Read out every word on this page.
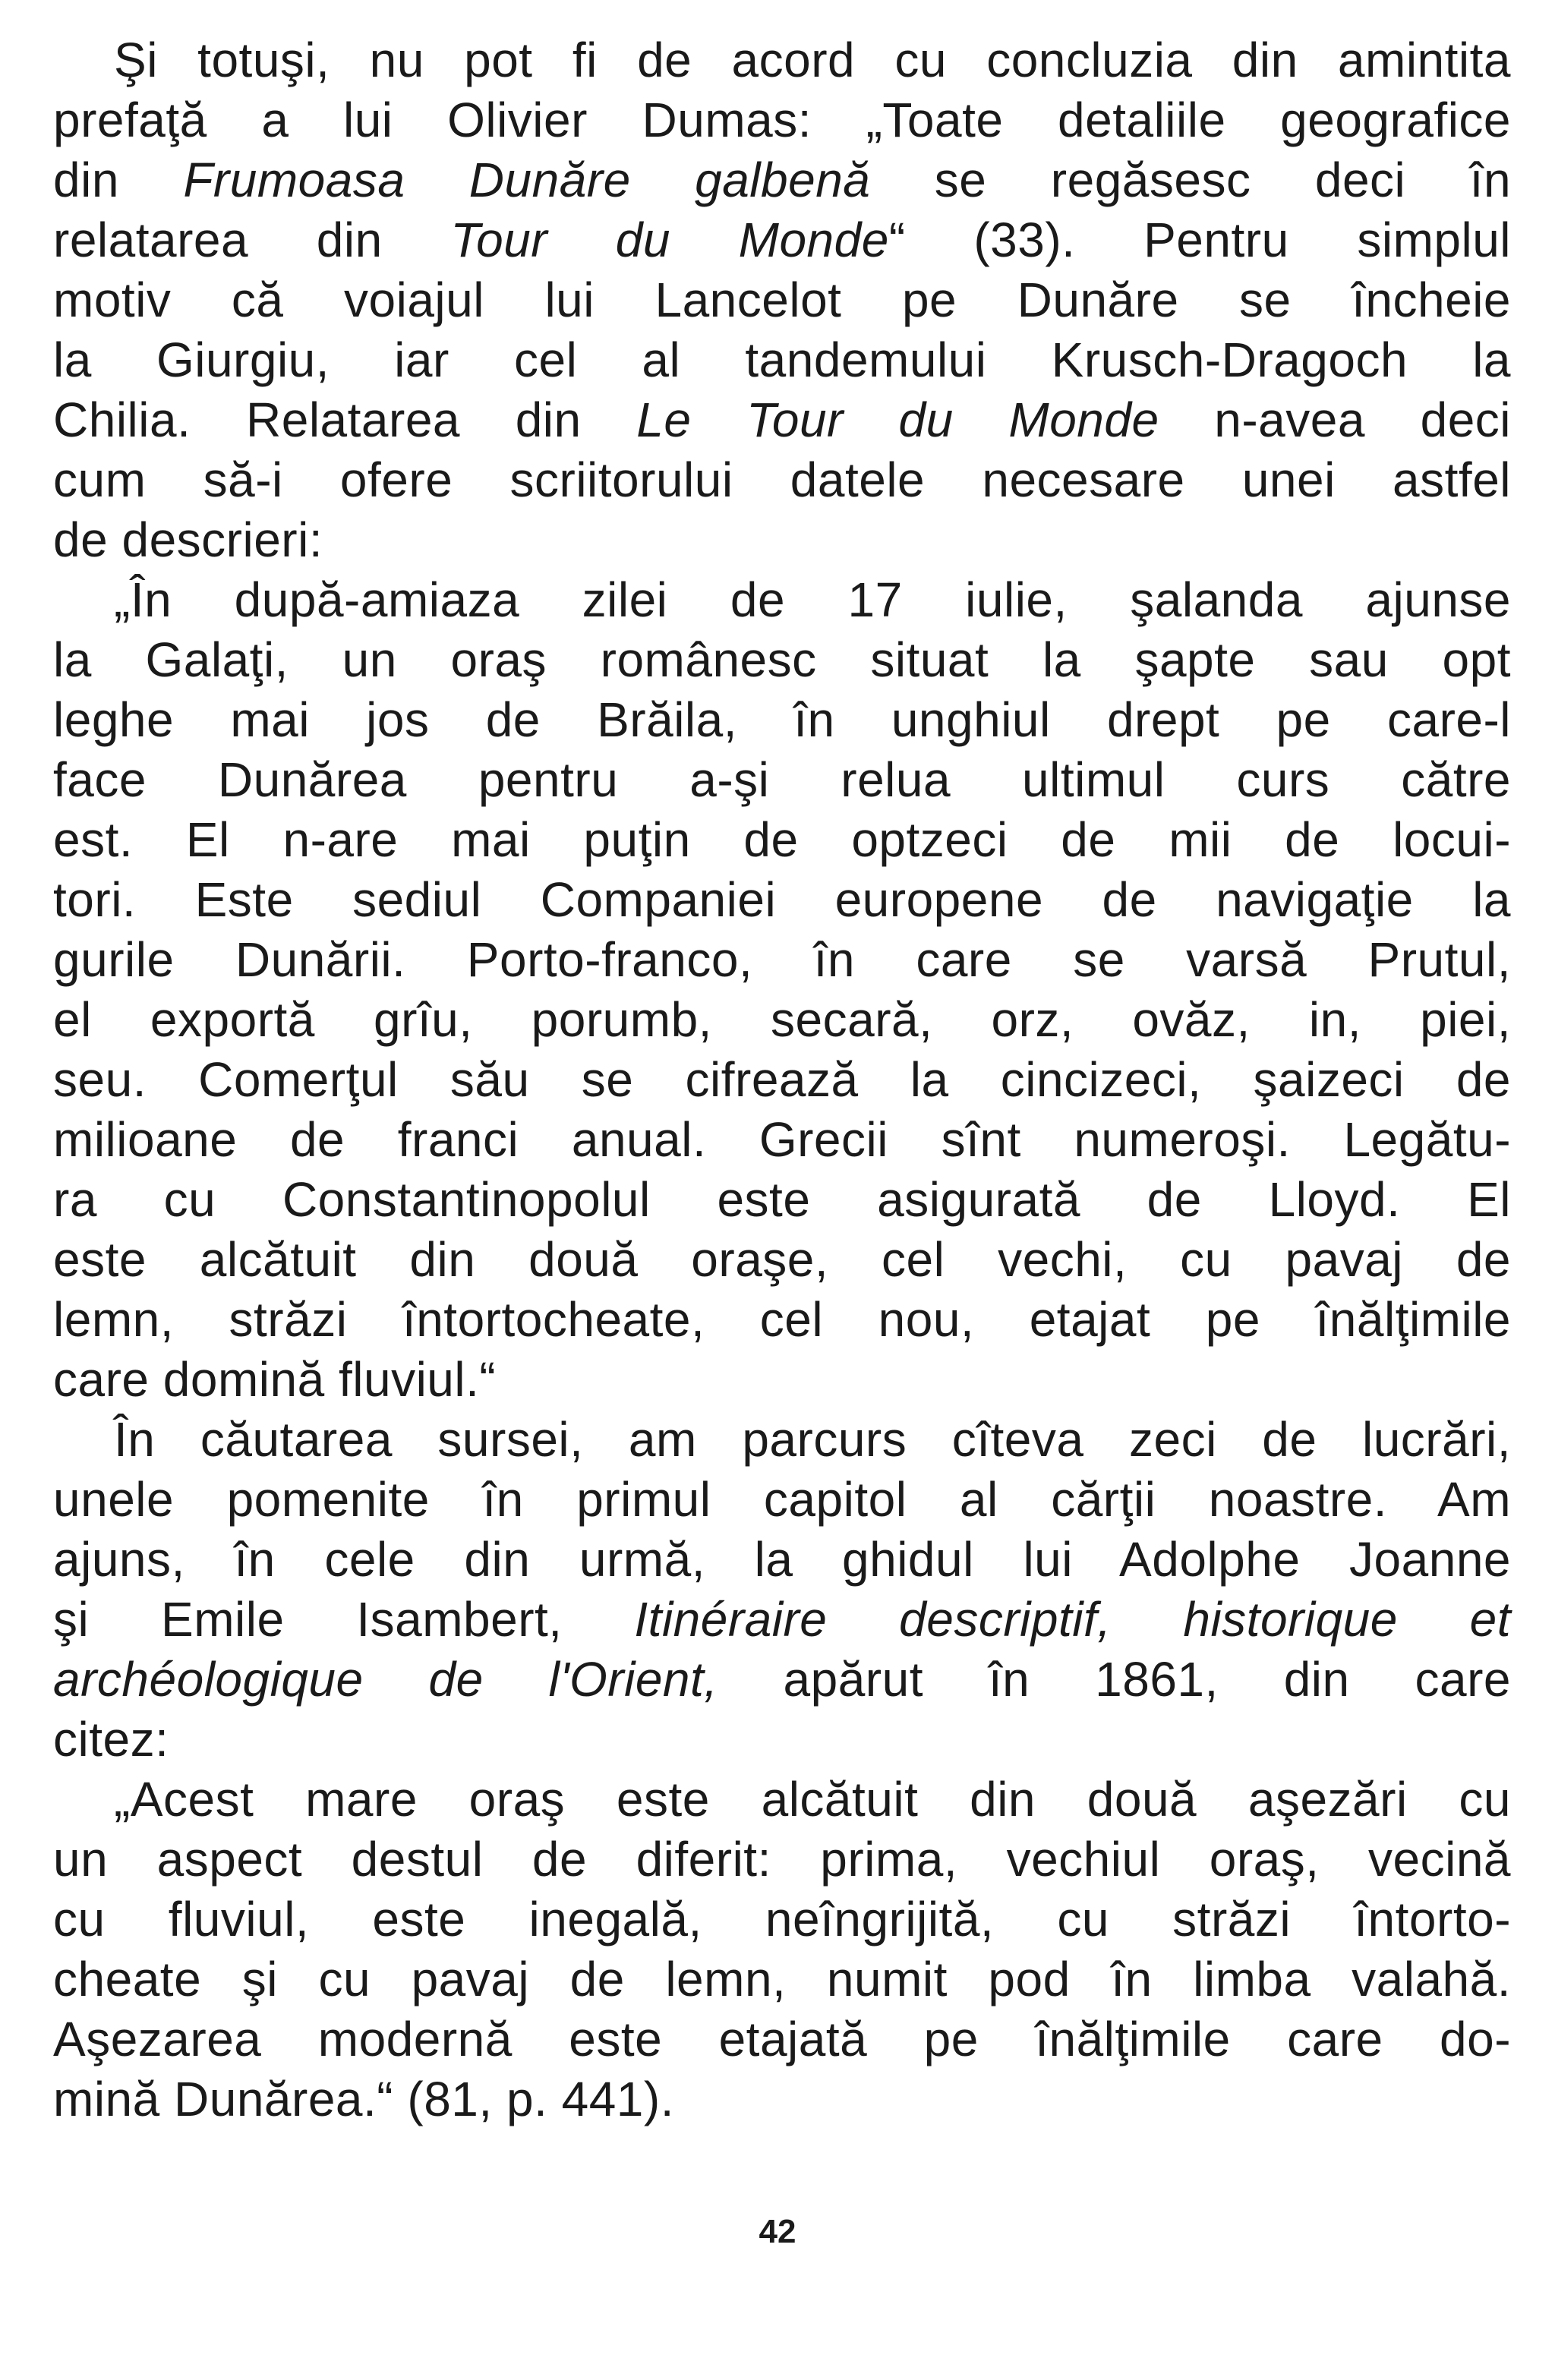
Şi totuşi, nu pot fi de acord cu concluzia din amintita
prefaţă a lui Olivier Dumas: „Toate detaliile geografice
din Frumoasa Dunăre galbenă se regăsesc deci în
relatarea din Tour du Monde“ (33). Pentru simplul
motiv că voiajul lui Lancelot pe Dunăre se încheie
la Giurgiu, iar cel al tandemului Krusch-Dragoch la
Chilia. Relatarea din Le Tour du Monde n-avea deci
cum să-i ofere scriitorului datele necesare unei astfel
de descrieri:
„În după-amiaza zilei de 17 iulie, şalanda ajunse
la Galaţi, un oraş românesc situat la şapte sau opt
leghe mai jos de Brăila, în unghiul drept pe care-l
face Dunărea pentru a-şi relua ultimul curs către
est. El n-are mai puţin de optzeci de mii de locui-
tori. Este sediul Companiei europene de navigaţie la
gurile Dunării. Porto-franco, în care se varsă Prutul,
el exportă grîu, porumb, secară, orz, ovăz, in, piei,
seu. Comerţul său se cifrează la cincizeci, şaizeci de
milioane de franci anual. Grecii sînt numeroşi. Legătu-
ra cu Constantinopolul este asigurată de Lloyd. El
este alcătuit din două oraşe, cel vechi, cu pavaj de
lemn, străzi întortocheate, cel nou, etajat pe înălţimile
care domină fluviul.“
În căutarea sursei, am parcurs cîteva zeci de lucrări,
unele pomenite în primul capitol al cărţii noastre. Am
ajuns, în cele din urmă, la ghidul lui Adolphe Joanne
şi Emile Isambert, Itinéraire descriptif, historique et
archéologique de l'Orient, apărut în 1861, din care
citez:
„Acest mare oraş este alcătuit din două aşezări cu
un aspect destul de diferit: prima, vechiul oraş, vecină
cu fluviul, este inegală, neîngrijită, cu străzi întorto-
cheate şi cu pavaj de lemn, numit pod în limba valahă.
Aşezarea modernă este etajată pe înălţimile care do-
mină Dunărea.“ (81, p. 441).
42
